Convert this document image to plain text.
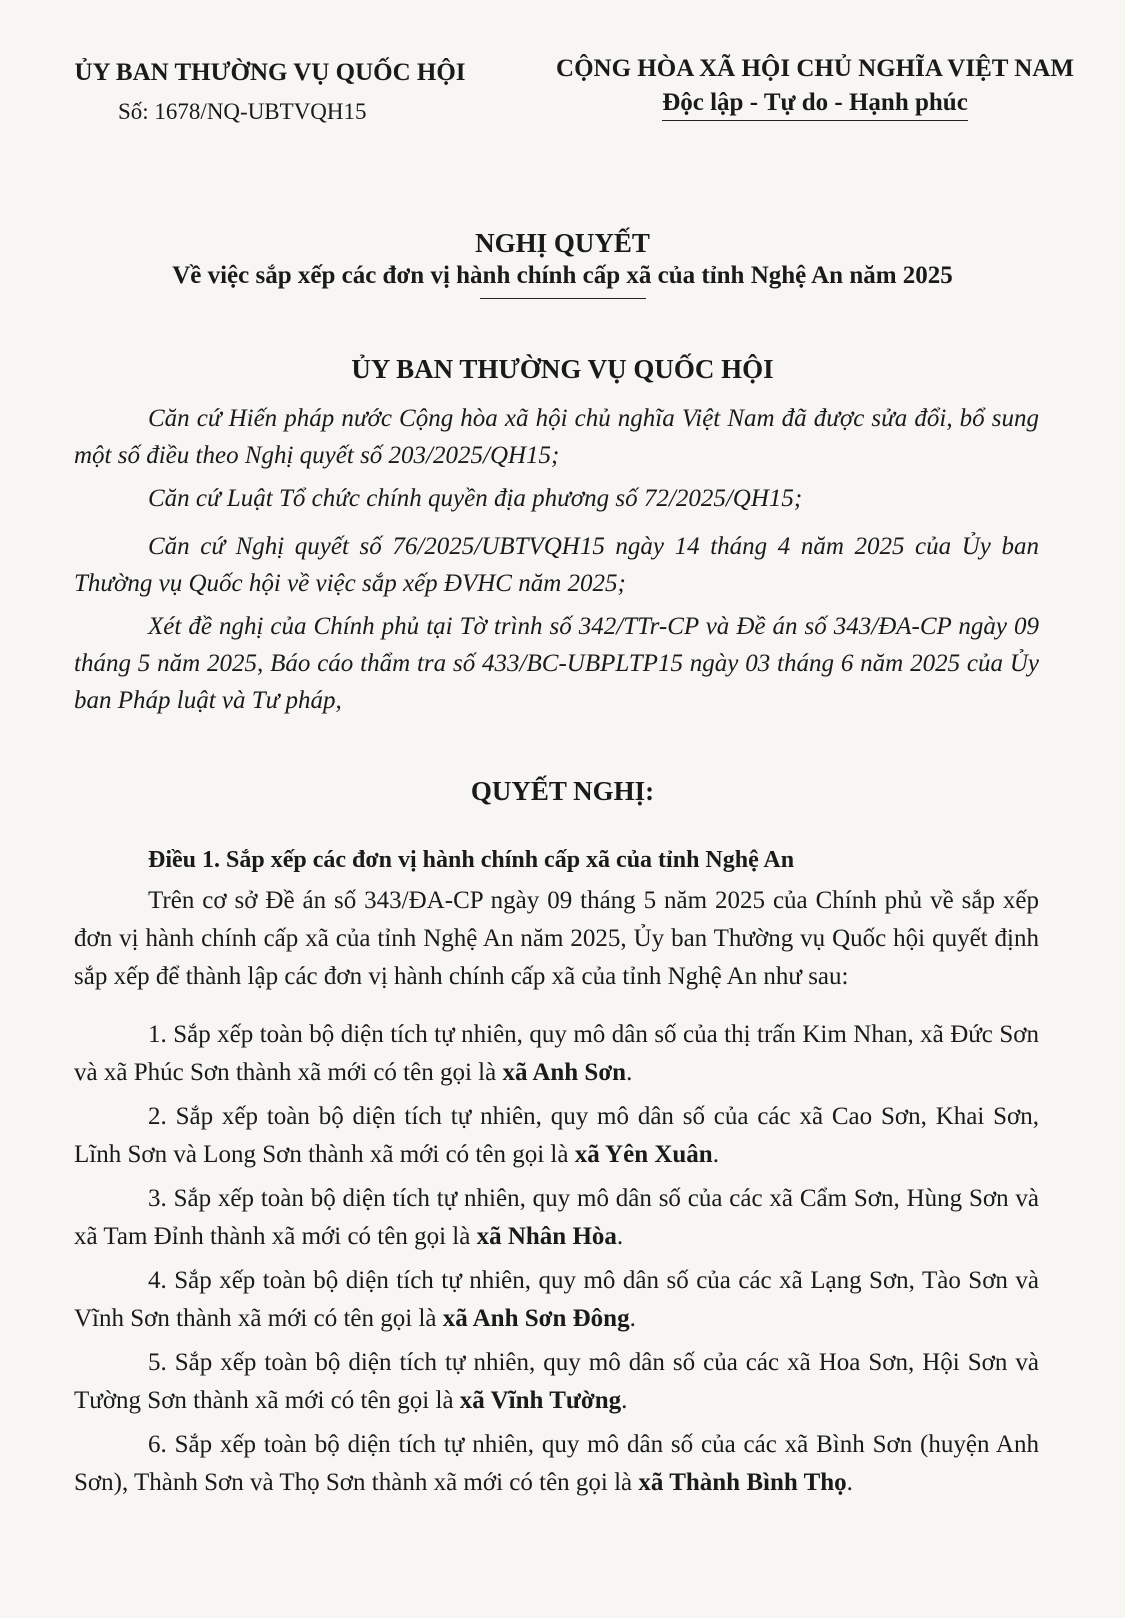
ỦY BAN THƯỜNG VỤ QUỐC HỘI
Số: 1678/NQ-UBTVQH15
CỘNG HÒA XÃ HỘI CHỦ NGHĨA VIỆT NAM
Độc lập - Tự do - Hạnh phúc
NGHỊ QUYẾT
Về việc sắp xếp các đơn vị hành chính cấp xã của tỉnh Nghệ An năm 2025
ỦY BAN THƯỜNG VỤ QUỐC HỘI
Căn cứ Hiến pháp nước Cộng hòa xã hội chủ nghĩa Việt Nam đã được sửa đổi, bổ sung một số điều theo Nghị quyết số 203/2025/QH15;
Căn cứ Luật Tổ chức chính quyền địa phương số 72/2025/QH15;
Căn cứ Nghị quyết số 76/2025/UBTVQH15 ngày 14 tháng 4 năm 2025 của Ủy ban Thường vụ Quốc hội về việc sắp xếp ĐVHC năm 2025;
Xét đề nghị của Chính phủ tại Tờ trình số 342/TTr-CP và Đề án số 343/ĐA-CP ngày 09 tháng 5 năm 2025, Báo cáo thẩm tra số 433/BC-UBPLTP15 ngày 03 tháng 6 năm 2025 của Ủy ban Pháp luật và Tư pháp,
QUYẾT NGHỊ:
Điều 1. Sắp xếp các đơn vị hành chính cấp xã của tỉnh Nghệ An
Trên cơ sở Đề án số 343/ĐA-CP ngày 09 tháng 5 năm 2025 của Chính phủ về sắp xếp đơn vị hành chính cấp xã của tỉnh Nghệ An năm 2025, Ủy ban Thường vụ Quốc hội quyết định sắp xếp để thành lập các đơn vị hành chính cấp xã của tỉnh Nghệ An như sau:
1. Sắp xếp toàn bộ diện tích tự nhiên, quy mô dân số của thị trấn Kim Nhan, xã Đức Sơn và xã Phúc Sơn thành xã mới có tên gọi là xã Anh Sơn.
2. Sắp xếp toàn bộ diện tích tự nhiên, quy mô dân số của các xã Cao Sơn, Khai Sơn, Lĩnh Sơn và Long Sơn thành xã mới có tên gọi là xã Yên Xuân.
3. Sắp xếp toàn bộ diện tích tự nhiên, quy mô dân số của các xã Cẩm Sơn, Hùng Sơn và xã Tam Đỉnh thành xã mới có tên gọi là xã Nhân Hòa.
4. Sắp xếp toàn bộ diện tích tự nhiên, quy mô dân số của các xã Lạng Sơn, Tào Sơn và Vĩnh Sơn thành xã mới có tên gọi là xã Anh Sơn Đông.
5. Sắp xếp toàn bộ diện tích tự nhiên, quy mô dân số của các xã Hoa Sơn, Hội Sơn và Tường Sơn thành xã mới có tên gọi là xã Vĩnh Tường.
6. Sắp xếp toàn bộ diện tích tự nhiên, quy mô dân số của các xã Bình Sơn (huyện Anh Sơn), Thành Sơn và Thọ Sơn thành xã mới có tên gọi là xã Thành Bình Thọ.
